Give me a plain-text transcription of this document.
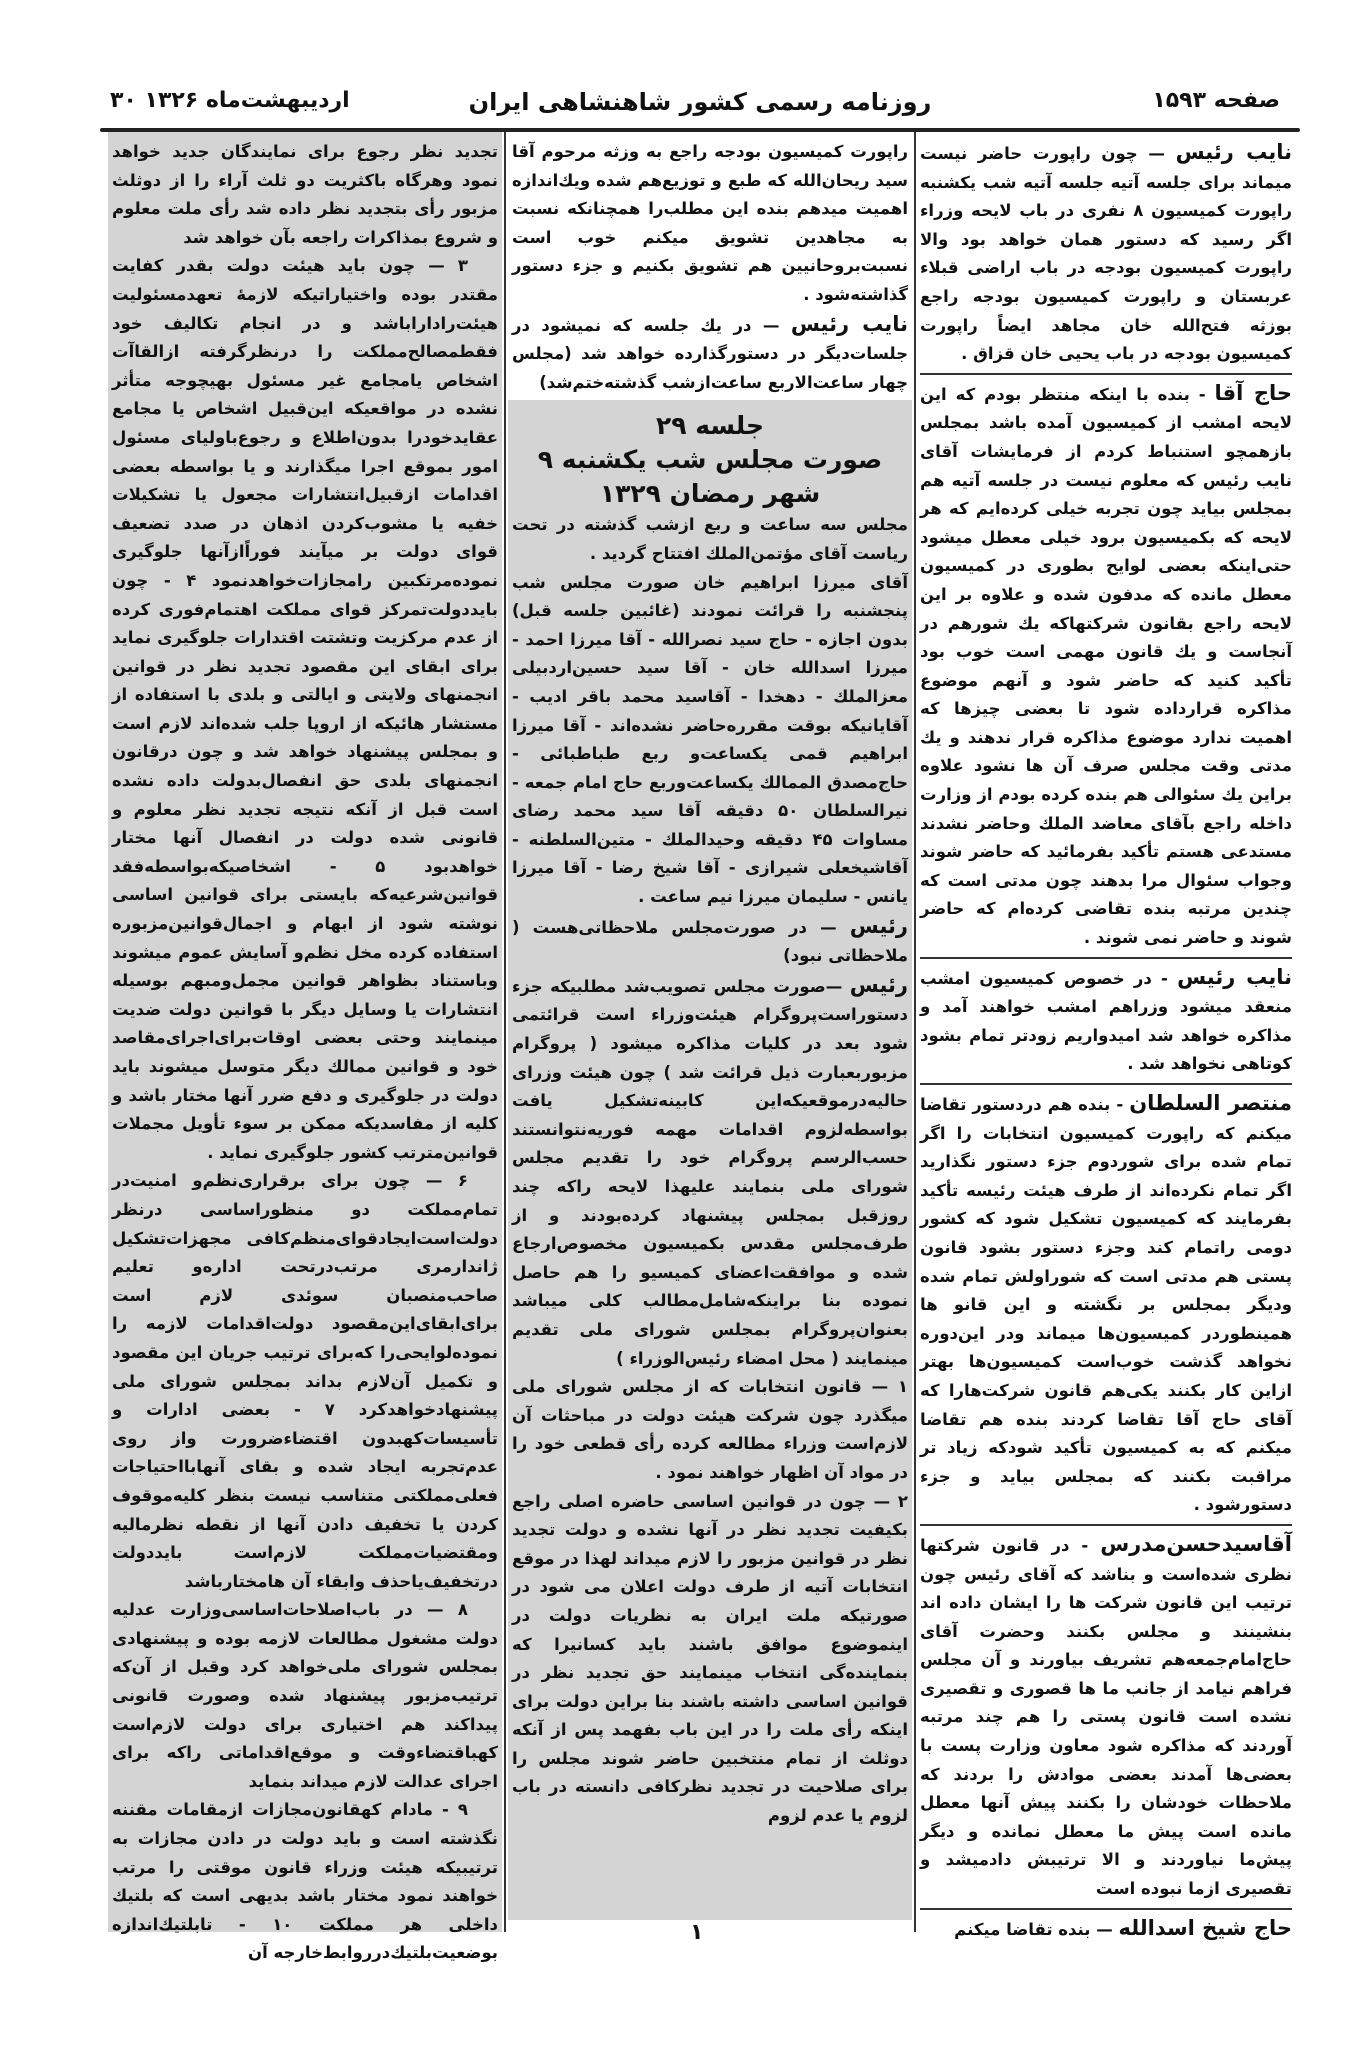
صفحه ۱۵۹۳
روزنامه رسمی کشور شاهنشاهی ایران
۳۰ اردیبهشت‌ماه ۱۳۲۶

نایب رئیس — چون راپورت حاضر نیست میماند برای جلسه آتیه جلسه آتیه شب یکشنبه راپورت کمیسیون ۸ نفری در باب لایحه وزراء اگر رسید که دستور همان خواهد بود والا راپورت کمیسیون بودجه در باب اراضی قبلاء عربستان و راپورت کمیسیون بودجه راجع بوزثه فتح‌الله خان مجاهد ایضاً راپورت کمیسیون بودجه در باب یحیی خان قزاق .

حاج آقا - بنده با اینکه منتظر بودم که این لایحه امشب از کمیسیون آمده باشد بمجلس بازهمچو استنباط کردم از فرمایشات آقای نایب رئیس که معلوم نیست در جلسه آتیه هم بمجلس بیاید چون تجربه خیلی کرده‌ایم که هر لایحه که بکمیسیون برود خیلی معطل میشود حتی‌اینکه بعضی لوایح بطوری در کمیسیون معطل مانده که مدفون شده و علاوه بر این لایحه راجع بقانون شرکتهاکه یك شورهم در آنجاست و یك قانون مهمی است خوب بود تأکید کنید که حاضر شود و آنهم موضوع مذاکره قرارداده شود تا بعضی چیزها که اهمیت ندارد موضوع مذاکره قرار ندهند و یك مدتی وقت مجلس صرف آن ها نشود علاوه براین یك سئوالی هم بنده کرده بودم از وزارت داخله راجع بآقای معاضد الملك وحاضر نشدند مستدعی هستم تأکید بفرمائید که حاضر شوند وجواب سئوال مرا بدهند چون مدتی است که چندین مرتبه بنده تقاضی کرده‌ام که حاضر شوند و حاضر نمی شوند .

نایب رئیس - در خصوص کمیسیون امشب منعقد میشود وزراهم امشب خواهند آمد و مذاکره خواهد شد امیدواریم زودتر تمام بشود کوتاهی نخواهد شد .

منتصر السلطان - بنده هم دردستور تقاضا میکنم که راپورت کمیسیون انتخابات را اگر تمام شده برای شوردوم جزء دستور نگذارید اگر تمام نکرده‌اند از طرف هیئت رئیسه تأکید بفرمایند که کمیسیون تشکیل شود که کشور دومی راتمام کند وجزء دستور بشود قانون پستی هم مدتی است که شوراولش تمام شده ودیگر بمجلس بر نگشته و این قانو ها همینطوردر کمیسیون‌ها میماند ودر این‌دوره نخواهد گذشت خوب‌است کمیسیون‌ها بهتر ازاین کار بکنند یکی‌هم قانون شرکت‌هارا که آقای حاج آقا تقاضا کردند بنده هم تقاضا میکنم که به کمیسیون تأکید شودکه زیاد تر مراقبت بکنند که بمجلس بیاید و جزء دستورشود .

آقاسیدحسن‌مدرس - در قانون شرکتها نظری شده‌است و بناشد که آقای رئیس چون ترتیب این قانون شرکت ها را ایشان داده اند بنشینند و مجلس بکنند وحضرت آقای حاج‌امام‌جمعه‌هم تشریف بیاورند و آن مجلس فراهم نیامد از جانب ما ها قصوری و تقصیری نشده است قانون پستی را هم چند مرتبه آوردند که مذاکره شود معاون وزارت پست با بعضی‌ها آمدند بعضی موادش را بردند که ملاحظات خودشان را بکنند پیش آنها معطل مانده است پیش ما معطل نمانده و دیگر پیش‌ما نیاوردند و الا ترتیبش دادمیشد و تقصیری ازما نبوده است

حاج شیخ اسدالله — بنده تقاضا میکنم

راپورت کمیسیون بودجه راجع به وزثه مرحوم آقا سید ریحان‌الله که طبع و توزیع‌هم شده ویك‌اندازه اهمیت میدهم بنده این مطلب‌را همچنانکه نسبت به مجاهدین تشویق میکنم خوب است نسبت‌بروحانیین هم تشویق بکنیم و جزء دستور گذاشته‌شود .

نایب رئیس — در یك جلسه که نمیشود در جلسات‌دیگر در دستورگذارده خواهد شد (مجلس چهار ساعت‌الاربع ساعت‌ازشب گذشته‌ختم‌شد)

جلسه ۲۹
صورت مجلس شب یکشنبه ۹ شهر رمضان ۱۳۲۹

مجلس سه ساعت و ربع ازشب گذشته در تحت ریاست آقای مؤتمن‌الملك افتتاح گردید .

آقای میرزا ابراهیم خان صورت مجلس شب پنجشنبه را قرائت نمودند (غائبین جلسه قبل) بدون اجازه - حاج سید نصرالله - آقا میرزا احمد - میرزا اسدالله خان - آقا سید حسین‌اردبیلی معزالملك - دهخدا - آقاسید محمد باقر ادیب - آقایانیکه بوقت مقرره‌حاضر نشده‌اند - آقا میرزا ابراهیم قمی یکساعت‌و ربع طباطبائی - حاج‌مصدق الممالك یکساعت‌وربع حاج امام جمعه - نیرالسلطان ۵۰ دقیقه آقا سید محمد رضای مساوات ۴۵ دقیقه وحیدالملك - متین‌السلطنه - آقاشیخعلی شیرازی - آقا شیخ رضا - آقا میرزا یانس - سلیمان میرزا نیم ساعت .

رئیس — در صورت‌مجلس ملاحظاتی‌هست ( ملاحظاتی نبود)

رئیس —صورت مجلس تصویب‌شد مطلبیکه جزء دستوراست‌پروگرام هیئت‌وزراء است قرائتمی شود بعد در کلیات مذاکره میشود ( پروگرام مزبوربعبارت ذیل قرائت شد ) چون هیئت وزرای حالیه‌درموقعیکه‌این کابینه‌تشکیل یافت بواسطه‌لزوم اقدامات مهمه فوریه‌نتوانستند حسب‌الرسم پروگرام خود را تقدیم مجلس شورای ملی بنمایند علیهذا لایحه راکه چند روزقبل بمجلس پیشنهاد کرده‌بودند و از طرف‌مجلس مقدس بکمیسیون مخصوص‌ارجاع شده و موافقت‌اعضای کمیسیو را هم حاصل نموده بنا براینکه‌شامل‌مطالب کلی میباشد بعنوان‌پروگرام بمجلس شورای ملی تقدیم مینمایند ( محل امضاء رئیس‌الوزراء )

۱ — قانون انتخابات که از مجلس شورای ملی میگذرد چون شرکت هیئت دولت در مباحثات آن لازم‌است وزراء مطالعه کرده رأی قطعی خود را در مواد آن اظهار خواهند نمود .

۲ — چون در قوانین اساسی حاضره اصلی راجع بکیفیت تجدید نظر در آنها نشده و دولت تجدید نظر در قوانین مزبور را لازم میداند لهذا در موقع انتخابات آتیه از طرف دولت اعلان می شود در صورتیکه ملت ایران به نظریات دولت در اینموضوع موافق باشند باید کسانیرا که بنماینده‌گی انتخاب مینمایند حق تجدید نظر در قوانین اساسی داشته باشند بنا براین دولت برای اینکه رأی ملت را در این باب بفهمد پس از آنکه دوثلث از تمام منتخبین حاضر شوند مجلس را برای صلاحیت در تجدید نظرکافی دانسته در باب لزوم یا عدم لزوم

تجدید نظر رجوع برای نمایندگان جدید خواهد نمود وهرگاه باکثریت دو ثلث آراء را از دوثلث مزبور رأی بتجدید نظر داده شد رأی ملت معلوم و شروع بمذاکرات راجعه بآن خواهد شد

۳ — چون باید هیئت دولت بقدر کفایت مقتدر بوده واختیاراتیکه لازمهٔ تعهدمسئولیت هیئت‌راداراباشد و در انجام تکالیف خود فقطمصالح‌مملکت را درنظرگرفته ازالقاآت اشخاص یامجامع غیر مسئول بهیچوجه متأثر نشده در مواقعیکه این‌قبیل اشخاص یا مجامع عقایدخودرا بدون‌اطلاع و رجوع‌باولیای مسئول امور بموقع اجرا میگذارند و یا بواسطه بعضی اقدامات ازقبیل‌انتشارات مجعول یا تشکیلات خفیه یا مشوب‌کردن اذهان در صدد تضعیف قوای دولت بر میآیند فوراًازآنها جلوگیری نموده‌مرتکبین رامجازات‌خواهدنمود ۴ - چون بایددولت‌تمرکز قوای مملکت اهتمام‌فوری کرده از عدم مرکزیت وتشتت اقتدارات جلوگیری نماید برای ابقای این مقصود تجدید نظر در قوانین انجمنهای ولایتی و ایالتی و بلدی با استفاده از مستشار هائیکه از اروپا جلب شده‌اند لازم است و بمجلس پیشنهاد خواهد شد و چون درقانون انجمنهای بلدی حق انفصال‌بدولت داده نشده است قبل از آنکه نتیجه تجدید نظر معلوم و قانونی شده دولت در انفصال آنها مختار خواهدبود ۵ - اشخاصیکه‌بواسطه‌فقد قوانین‌شرعیه‌که بایستی برای قوانین اساسی نوشته شود از ابهام و اجمال‌قوانین‌مزبوره استفاده کرده مخل نظم‌و آسایش عموم میشوند وباستناد بظواهر قوانین مجمل‌ومبهم بوسیله انتشارات یا وسایل دیگر با قوانین دولت ضدیت مینمایند وحتی بعضی اوقات‌برای‌اجرای‌مقاصد خود و قوانین ممالك دیگر متوسل میشوند باید دولت در جلوگیری و دفع ضرر آنها مختار باشد و کلیه از مفاسدیکه ممکن بر سوء تأویل مجملات قوانین‌مترتب‌ کشور جلوگیری نماید .

۶ — چون برای برقراری‌نظم‌و امنیت‌در تمام‌مملکت دو منظوراساسی درنظر دولت‌است‌ایجادقوای‌منظم‌کافی مجهزات‌تشکیل ژاندارمری مرتب‌درتحت اداره‌و تعلیم صاحب‌منصبان سوئدی لازم است برای‌ابقای‌این‌مقصود دولت‌اقدامات لازمه را نموده‌لوایحی‌را که‌برای ترتیب جریان این مقصود و تکمیل آن‌لازم بداند بمجلس شورای ملی پیشنهاد‌خواهد‌کرد ۷ - بعضی ادارات و تأسیسات‌کهبدون اقتضاءضرورت واز روی عدم‌تجربه ایجاد شده و بقای آنها‌بااحتیاجات فعلی‌مملکتی متناسب نیست بنظر کلیه‌موقوف کردن یا تخفیف دادن آنها از نقطه نظرمالیه ومقتضیات‌مملکت لازم‌است بایددولت درتخفیف‌یاحذف وابقاء آن ها‌مختارباشد

۸ — در باب‌اصلاحات‌اساسی‌وزارت عدلیه دولت مشغول مطالعات لازمه بوده و پیشنهادی بمجلس شورای ملی‌خواهد کرد وقبل از آن‌که ترتیب‌مزبور پیشنهاد شده وصورت قانونی پیداکند هم اختیاری برای دولت لازم‌است کهباقتضاءوقت و موقع‌اقداماتی راکه برای اجرای عدالت لازم میداند بنماید

۹ - مادام کهقانون‌مجازات ازمقامات مقننه نگذشته است و باید دولت در دادن مجازات به ترتیبیکه هیئت وزراء قانون موقتی را مرتب خواهند نمود مختار باشد بدیهی است که بلتیك داخلی هر مملکت ۱۰ - تابلتیك‌اندازه بوضعیت‌بلتیك‌درروابط‌خارجه آن

۱
